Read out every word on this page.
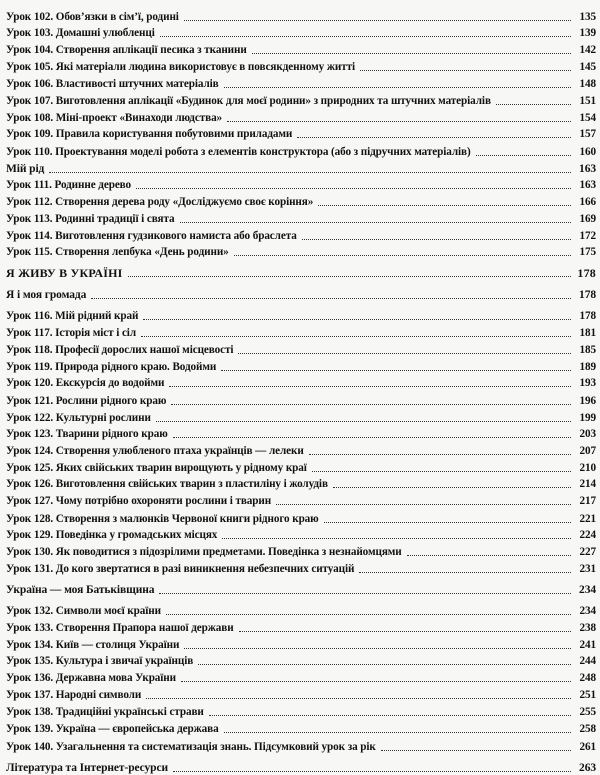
Урок 102. Обов’язки в сім’ї, родині	135
Урок 103. Домашні улюбленці	139
Урок 104. Створення аплікації песика з тканини	142
Урок 105. Які матеріали людина використовує в повсякденному житті	145
Урок 106. Властивості штучних матеріалів	148
Урок 107. Виготовлення аплікації «Будинок для моєї родини» з природних та штучних матеріалів	151
Урок 108. Міні-проект «Винаходи людства»	154
Урок 109. Правила користування побутовими приладами	157
Урок 110. Проектування моделі робота з елементів конструктора (або з підручних матеріалів)	160
Мій рід	163
Урок 111. Родинне дерево	163
Урок 112. Створення дерева роду «Досліджуємо своє коріння»	166
Урок 113. Родинні традиції і свята	169
Урок 114. Виготовлення гудзикового намиста або браслета	172
Урок 115. Створення лепбука «День родини»	175
Я ЖИВУ В УКРАЇНІ	178
Я і моя громада	178
Урок 116. Мій рідний край	178
Урок 117. Історія міст і сіл	181
Урок 118. Професії дорослих нашої місцевості	185
Урок 119. Природа рідного краю. Водойми	189
Урок 120. Екскурсія до водойми	193
Урок 121. Рослини рідного краю	196
Урок 122. Культурні рослини	199
Урок 123. Тварини рідного краю	203
Урок 124. Створення улюбленого птаха українців — лелеки	207
Урок 125. Яких свійських тварин вирощують у рідному краї	210
Урок 126. Виготовлення свійських тварин з пластиліну і жолудів	214
Урок 127. Чому потрібно охороняти рослини і тварин	217
Урок 128. Створення з малюнків Червоної книги рідного краю	221
Урок 129. Поведінка у громадських місцях	224
Урок 130. Як поводитися з підозрілими предметами. Поведінка з незнайомцями	227
Урок 131. До кого звертатися в разі виникнення небезпечних ситуацій	231
Україна — моя Батьківщина	234
Урок 132. Символи моєї країни	234
Урок 133. Створення Прапора нашої держави	238
Урок 134. Київ — столиця України	241
Урок 135. Культура і звичаї українців	244
Урок 136. Державна мова України	248
Урок 137. Народні символи	251
Урок 138. Традиційні українські страви	255
Урок 139. Україна — європейська держава	258
Урок 140. Узагальнення та систематизація знань. Підсумковий урок за рік	261
Література та Інтернет-ресурси	263
